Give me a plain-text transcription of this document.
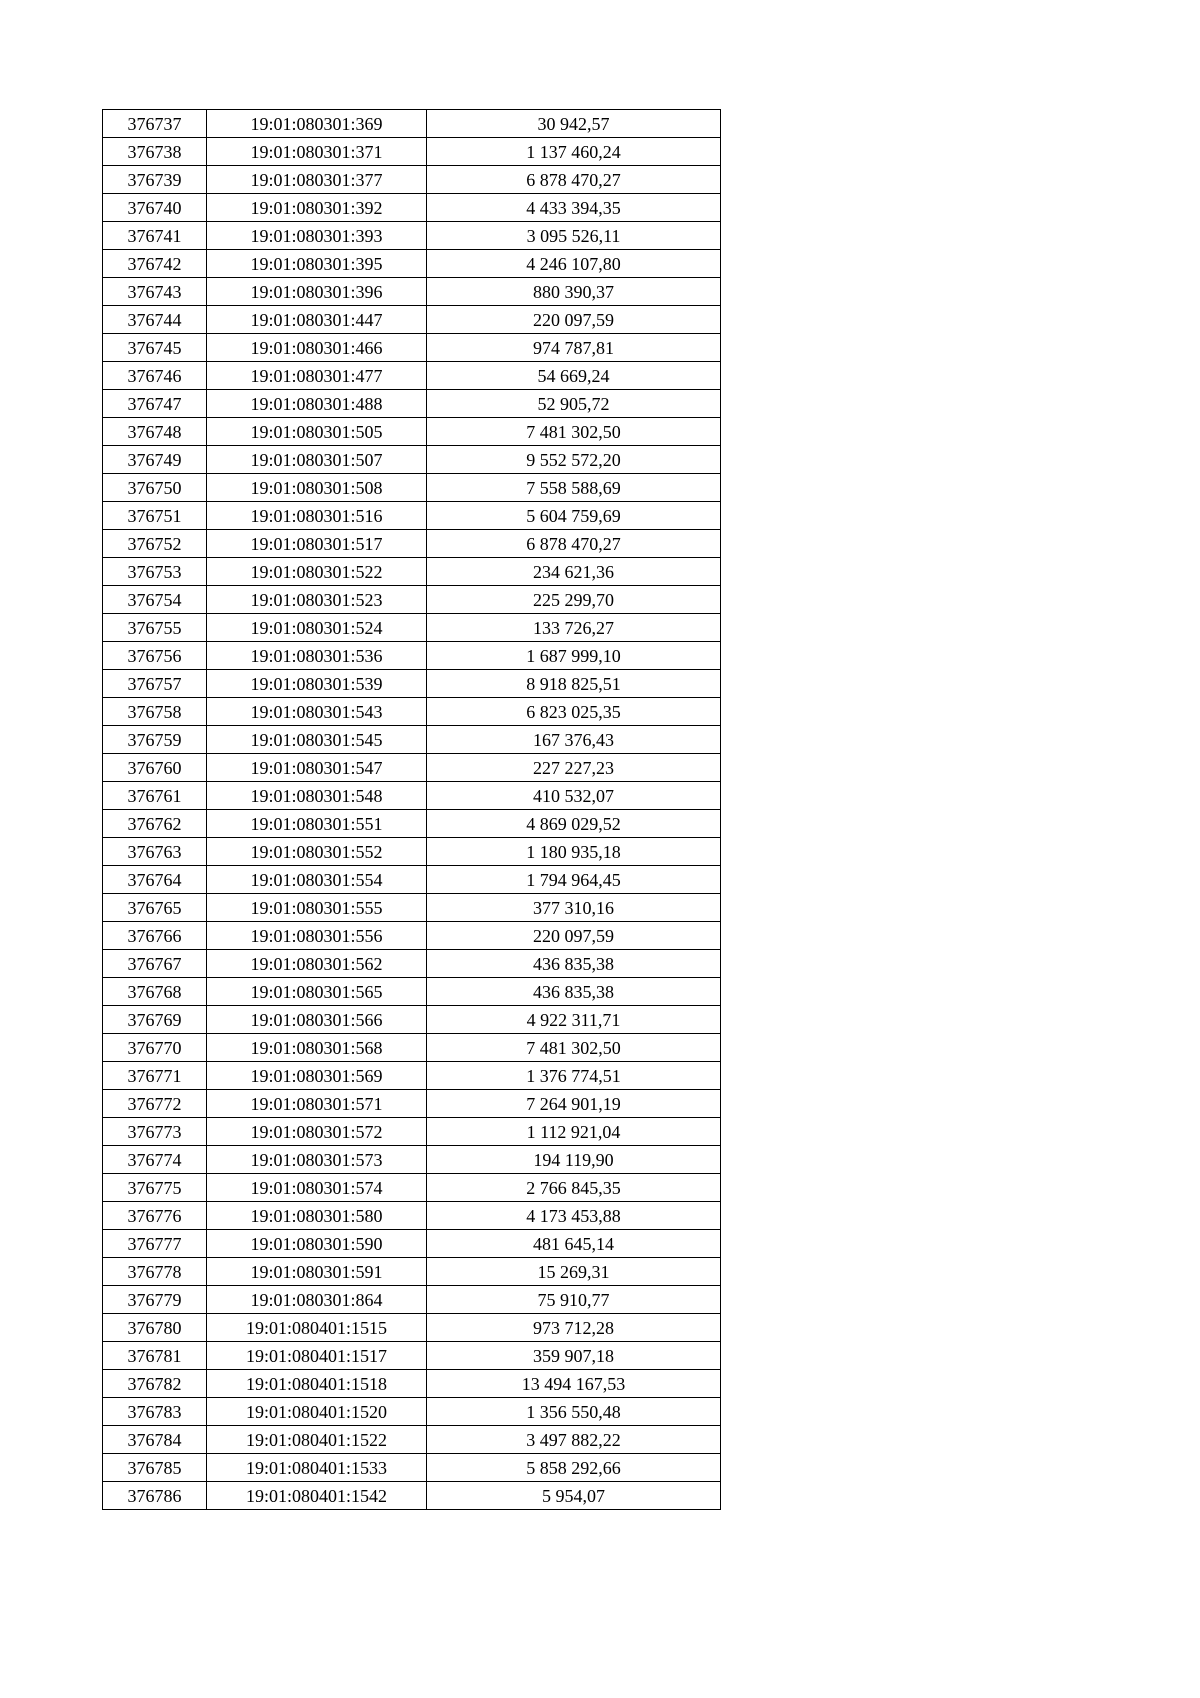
376737	19:01:080301:369	30 942,57
376738	19:01:080301:371	1 137 460,24
376739	19:01:080301:377	6 878 470,27
376740	19:01:080301:392	4 433 394,35
376741	19:01:080301:393	3 095 526,11
376742	19:01:080301:395	4 246 107,80
376743	19:01:080301:396	880 390,37
376744	19:01:080301:447	220 097,59
376745	19:01:080301:466	974 787,81
376746	19:01:080301:477	54 669,24
376747	19:01:080301:488	52 905,72
376748	19:01:080301:505	7 481 302,50
376749	19:01:080301:507	9 552 572,20
376750	19:01:080301:508	7 558 588,69
376751	19:01:080301:516	5 604 759,69
376752	19:01:080301:517	6 878 470,27
376753	19:01:080301:522	234 621,36
376754	19:01:080301:523	225 299,70
376755	19:01:080301:524	133 726,27
376756	19:01:080301:536	1 687 999,10
376757	19:01:080301:539	8 918 825,51
376758	19:01:080301:543	6 823 025,35
376759	19:01:080301:545	167 376,43
376760	19:01:080301:547	227 227,23
376761	19:01:080301:548	410 532,07
376762	19:01:080301:551	4 869 029,52
376763	19:01:080301:552	1 180 935,18
376764	19:01:080301:554	1 794 964,45
376765	19:01:080301:555	377 310,16
376766	19:01:080301:556	220 097,59
376767	19:01:080301:562	436 835,38
376768	19:01:080301:565	436 835,38
376769	19:01:080301:566	4 922 311,71
376770	19:01:080301:568	7 481 302,50
376771	19:01:080301:569	1 376 774,51
376772	19:01:080301:571	7 264 901,19
376773	19:01:080301:572	1 112 921,04
376774	19:01:080301:573	194 119,90
376775	19:01:080301:574	2 766 845,35
376776	19:01:080301:580	4 173 453,88
376777	19:01:080301:590	481 645,14
376778	19:01:080301:591	15 269,31
376779	19:01:080301:864	75 910,77
376780	19:01:080401:1515	973 712,28
376781	19:01:080401:1517	359 907,18
376782	19:01:080401:1518	13 494 167,53
376783	19:01:080401:1520	1 356 550,48
376784	19:01:080401:1522	3 497 882,22
376785	19:01:080401:1533	5 858 292,66
376786	19:01:080401:1542	5 954,07
